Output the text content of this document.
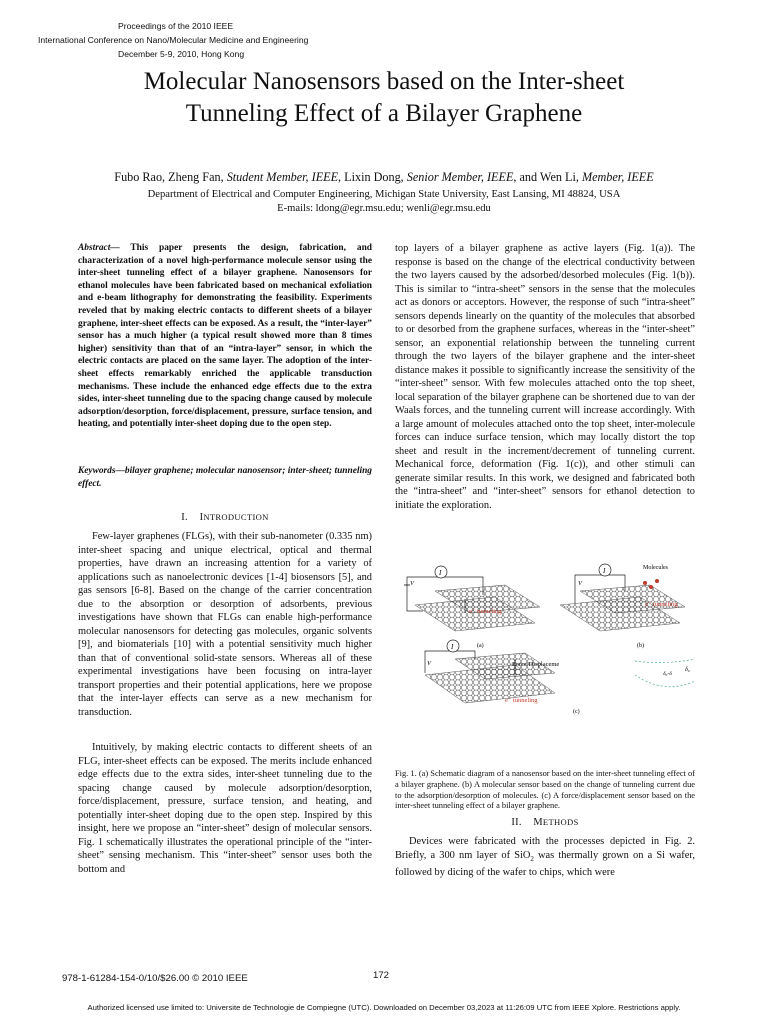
Proceedings of the 2010 IEEE
International Conference on Nano/Molecular Medicine and Engineering
December 5-9, 2010, Hong Kong
Molecular Nanosensors based on the Inter-sheet
Tunneling Effect of a Bilayer Graphene
Fubo Rao, Zheng Fan, Student Member, IEEE, Lixin Dong, Senior Member, IEEE, and Wen Li, Member, IEEE
Department of Electrical and Computer Engineering, Michigan State University, East Lansing, MI 48824, USA
E-mails: ldong@egr.msu.edu; wenli@egr.msu.edu

Abstract— This paper presents the design, fabrication, and characterization of a novel high-performance molecule sensor using the inter-sheet tunneling effect of a bilayer graphene. Nanosensors for ethanol molecules have been fabricated based on mechanical exfoliation and e-beam lithography for demonstrating the feasibility. Experiments reveled that by making electric contacts to different sheets of a bilayer graphene, inter-sheet effects can be exposed. As a result, the “inter-layer” sensor has a much higher (a typical result showed more than 8 times higher) sensitivity than that of an “intra-layer” sensor, in which the electric contacts are placed on the same layer. The adoption of the inter-sheet effects remarkably enriched the applicable transduction mechanisms. These include the enhanced edge effects due to the extra sides, inter-sheet tunneling due to the spacing change caused by molecule adsorption/desorption, force/displacement, pressure, surface tension, and heating, and potentially inter-sheet doping due to the open step.

Keywords—bilayer graphene; molecular nanosensor; inter-sheet; tunneling effect.

I. INTRODUCTION

Few-layer graphenes (FLGs), with their sub-nanometer (0.335 nm) inter-sheet spacing and unique electrical, optical and thermal properties, have drawn an increasing attention for a variety of applications such as nanoelectronic devices [1-4] biosensors [5], and gas sensors [6-8]. Based on the change of the carrier concentration due to the absorption or desorption of adsorbents, previous investigations have shown that FLGs can enable high-performance molecular nanosensors for detecting gas molecules, organic solvents [9], and biomaterials [10] with a potential sensitivity much higher than that of conventional solid-state sensors. Whereas all of these experimental investigations have been focusing on intra-layer transport properties and their potential applications, here we propose that the inter-layer effects can serve as a new mechanism for transduction.

Intuitively, by making electric contacts to different sheets of an FLG, inter-sheet effects can be exposed. The merits include enhanced edge effects due to the extra sides, inter-sheet tunneling due to the spacing change caused by molecule adsorption/desorption, force/displacement, pressure, surface tension, and heating, and potentially inter-sheet doping due to the open step. Inspired by this insight, here we propose an “inter-sheet” design of molecular sensors. Fig. 1 schematically illustrates the operational principle of the “inter-sheet” sensing mechanism. This “inter-sheet” sensor uses both the bottom and

top layers of a bilayer graphene as active layers (Fig. 1(a)). The response is based on the change of the electrical conductivity between the two layers caused by the adsorbed/desorbed molecules (Fig. 1(b)). This is similar to “intra-sheet” sensors in the sense that the molecules act as donors or acceptors. However, the response of such “intra-sheet” sensors depends linearly on the quantity of the molecules that absorbed to or desorbed from the graphene surfaces, whereas in the “inter-sheet” sensor, an exponential relationship between the tunneling current through the two layers of the bilayer graphene and the inter-sheet distance makes it possible to significantly increase the sensitivity of the “inter-sheet” sensor. With few molecules attached onto the top sheet, local separation of the bilayer graphene can be shortened due to van der Waals forces, and the tunneling current will increase accordingly. With a large amount of molecules attached onto the top sheet, inter-molecule forces can induce surface tension, which may locally distort the top sheet and result in the increment/decrement of tunneling current. Mechanical force, deformation (Fig. 1(c)), and other stimuli can generate similar results. In this work, we designed and fabricated both the “intra-sheet” and “inter-sheet” sensors for ethanol detection to initiate the exploration.

I
V
e⁻ tunneling
(a)
I
V
Molecules
e⁻ tunneling
(b)
I
V	Force/Displaceme
e⁻ tunneling
δ₀
δ₀-δ
(c)

Fig. 1. (a) Schematic diagram of a nanosensor based on the inter-sheet tunneling effect of a bilayer graphene. (b) A molecular sensor based on the change of tunneling current due to the adsorption/desorption of molecules. (c) A force/displacement sensor based on the inter-sheet tunneling effect of a bilayer graphene.

II. METHODS

Devices were fabricated with the processes depicted in Fig. 2. Briefly, a 300 nm layer of SiO$_2$ was thermally grown on a Si wafer, followed by dicing of the wafer to chips, which were

978-1-61284-154-0/10/$26.00 © 2010 IEEE	172
Authorized licensed use limited to: Universite de Technologie de Compiegne (UTC). Downloaded on December 03,2023 at 11:26:09 UTC from IEEE Xplore. Restrictions apply.
